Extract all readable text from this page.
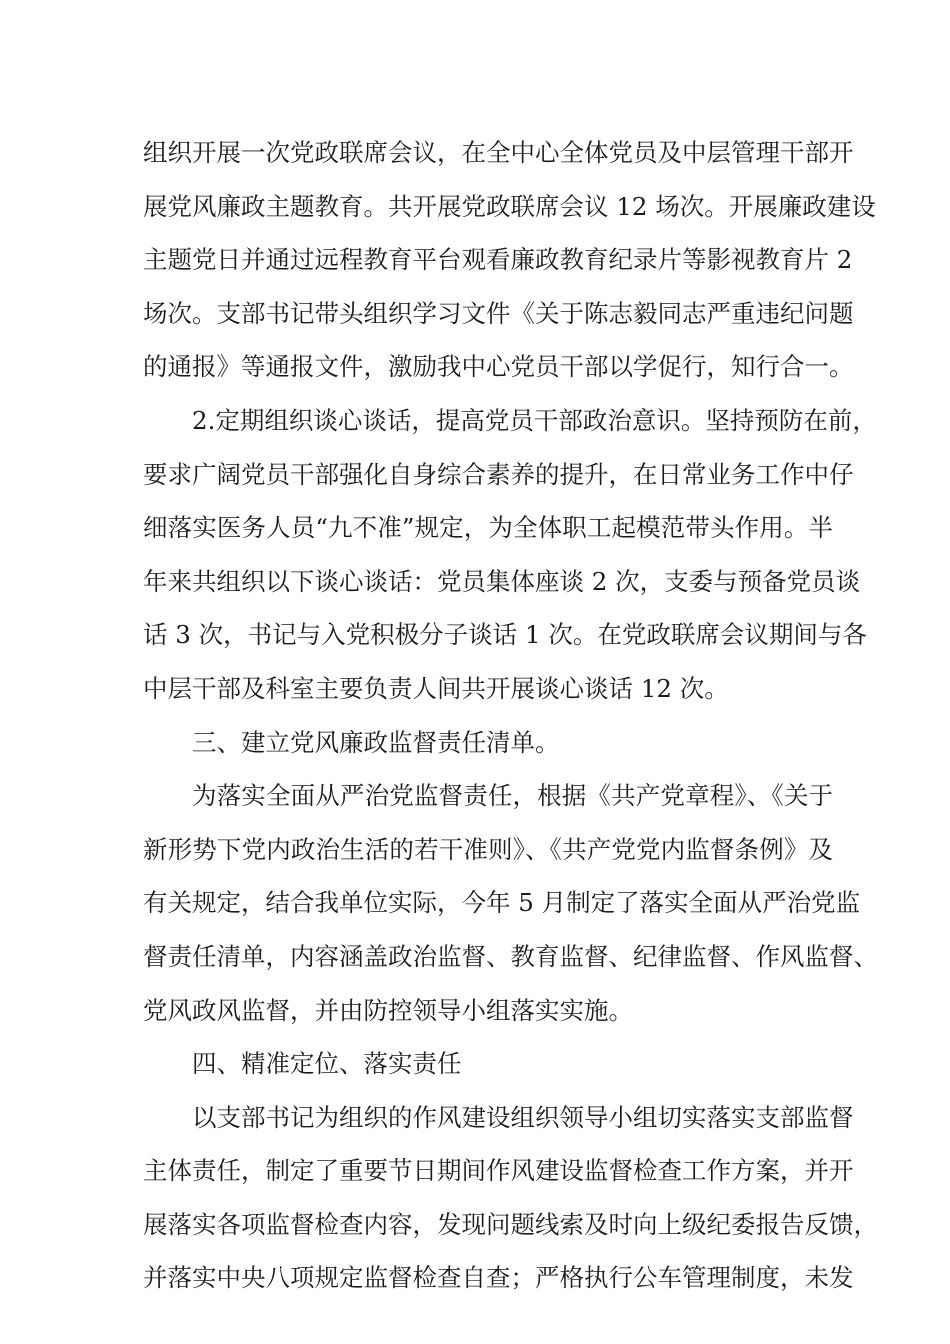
组织开展一次党政联席会议，在全中心全体党员及中层管理干部开
展党风廉政主题教育。共开展党政联席会议 12 场次。开展廉政建设
主题党日并通过远程教育平台观看廉政教育纪录片等影视教育片 2
场次。支部书记带头组织学习文件《关于陈志毅同志严重违纪问题
的通报》等通报文件，激励我中心党员干部以学促行，知行合一。
2.定期组织谈心谈话，提高党员干部政治意识。坚持预防在前，
要求广阔党员干部强化自身综合素养的提升，在日常业务工作中仔
细落实医务人员“九不准”规定，为全体职工起模范带头作用。半
年来共组织以下谈心谈话：党员集体座谈 2 次，支委与预备党员谈
话 3 次，书记与入党积极分子谈话 1 次。在党政联席会议期间与各
中层干部及科室主要负责人间共开展谈心谈话 12 次。
三、建立党风廉政监督责任清单。
为落实全面从严治党监督责任，根据《共产党章程》、《关于
新形势下党内政治生活的若干准则》、《共产党党内监督条例》及
有关规定，结合我单位实际，今年 5 月制定了落实全面从严治党监
督责任清单，内容涵盖政治监督、教育监督、纪律监督、作风监督、
党风政风监督，并由防控领导小组落实实施。
四、精准定位、落实责任
以支部书记为组织的作风建设组织领导小组切实落实支部监督
主体责任，制定了重要节日期间作风建设监督检查工作方案，并开
展落实各项监督检查内容，发现问题线索及时向上级纪委报告反馈，
并落实中央八项规定监督检查自查；严格执行公车管理制度，未发
